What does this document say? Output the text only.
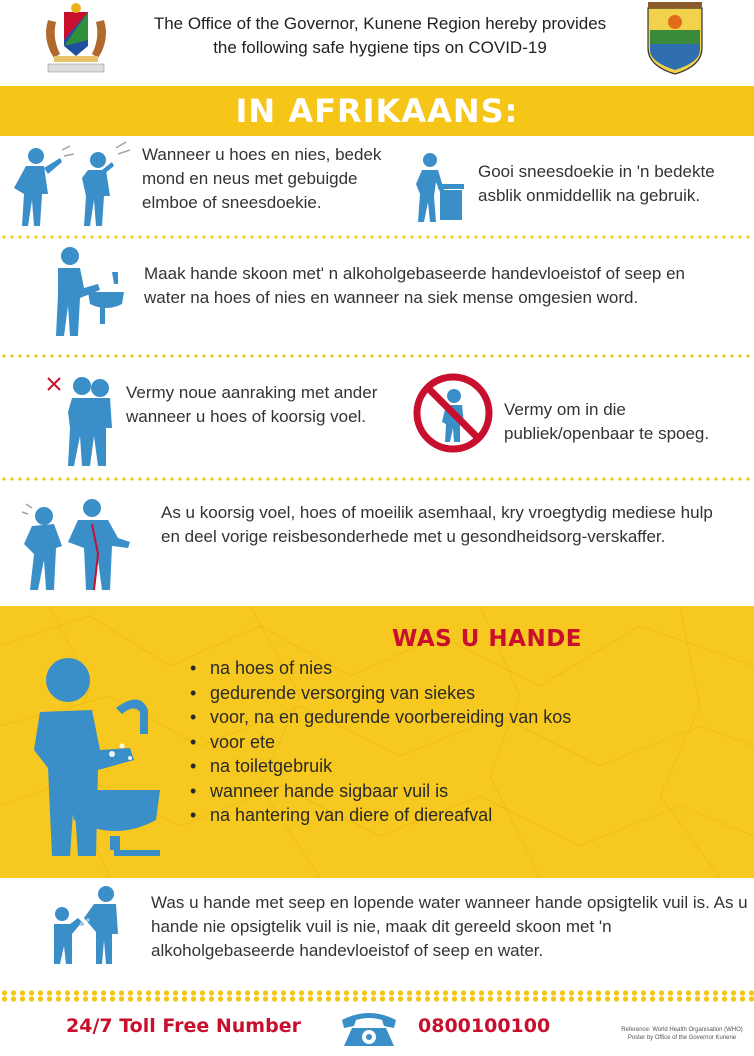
The Office of the Governor, Kunene Region hereby provides the following safe hygiene tips on COVID-19
IN AFRIKAANS:
Wanneer u hoes en nies, bedek mond en neus met gebuigde elmboe of sneesdoekie.
Gooi sneesdoekie in 'n bedekte asblik onmiddellik na gebruik.
Maak hande skoon met' n alkoholgebaseerde handevloeistof of seep en water na hoes of nies en wanneer na siek mense omgesien word.
Vermy noue aanraking met ander wanneer u hoes of koorsig voel.	Vermy om in die publiek/openbaar te spoeg.
As u koorsig voel, hoes of moeilik asemhaal, kry vroegtydig mediese hulp en deel vorige reisbesonderhede met u gesondheidsorg-verskaffer.
WAS U HANDE
• na hoes of nies
• gedurende versorging van siekes
• voor, na en gedurende voorbereiding van kos
• voor ete
• na toiletgebruik
• wanneer hande sigbaar vuil is
• na hantering van diere of diereafval
Was u hande met seep en lopende water wanneer hande opsigtelik vuil is. As u hande nie opsigtelik vuil is nie, maak dit gereeld skoon met 'n alkoholgebaseerde handevloeistof of seep en water.
24/7 Toll Free Number	0800100100	Reference: World Health Organisation (WHO)
Poster by Office of the Governor Kunene
